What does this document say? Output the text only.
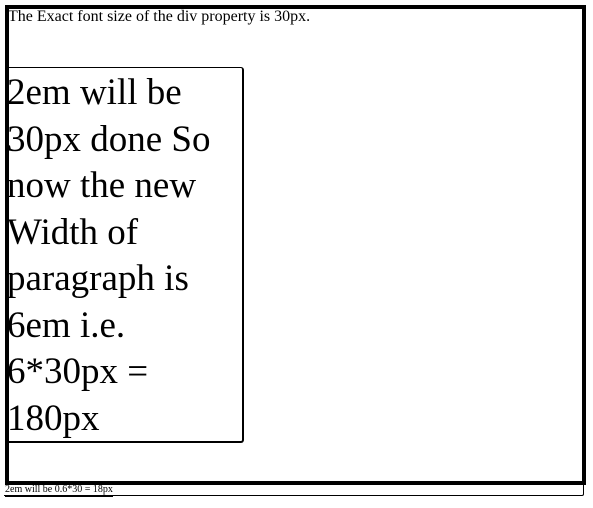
The Exact font size of the div property is 30px.
2em will be 30px done So now the new Width of paragraph is 6em i.e. 6*30px = 180px
2em will be 0.6*30 = 18px
